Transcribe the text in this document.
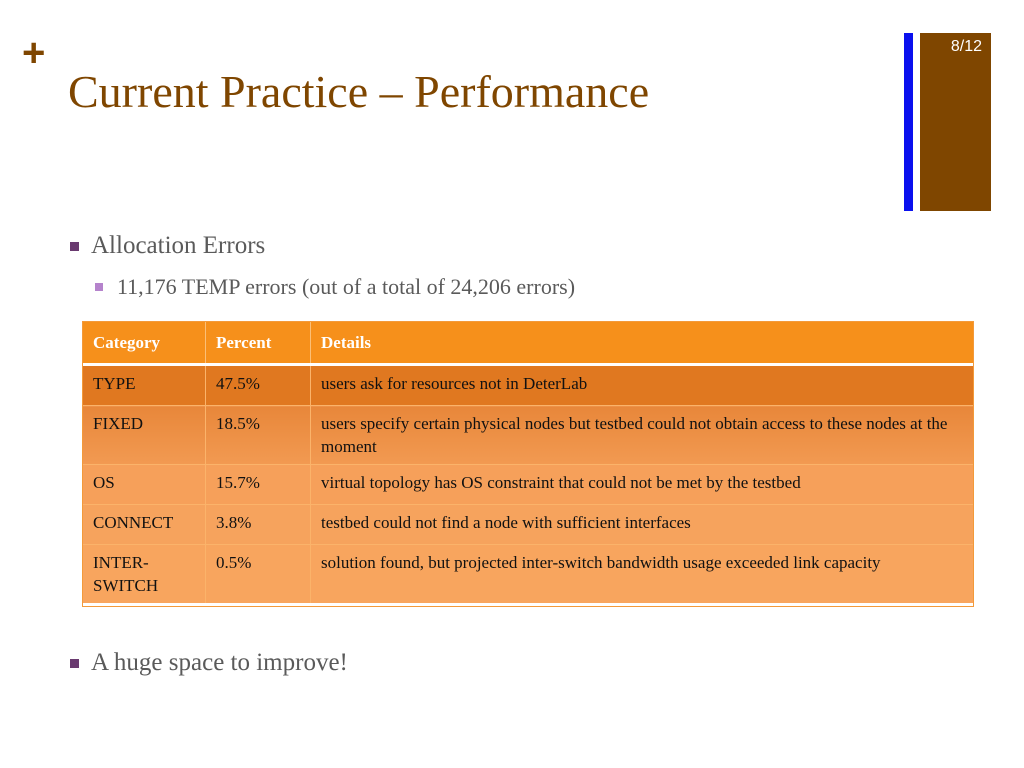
+
Current Practice – Performance
8/12
Allocation Errors
11,176 TEMP errors (out of a total of 24,206 errors)
Category	Percent	Details
TYPE	47.5%	users ask for resources not in DeterLab
FIXED	18.5%	users specify certain physical nodes but testbed could not obtain access to these nodes at the moment
OS	15.7%	virtual topology has OS constraint that could not be met by the testbed
CONNECT	3.8%	testbed could not find a node with sufficient interfaces
INTER-SWITCH	0.5%	solution found, but projected inter-switch bandwidth usage exceeded link capacity
A huge space to improve!
